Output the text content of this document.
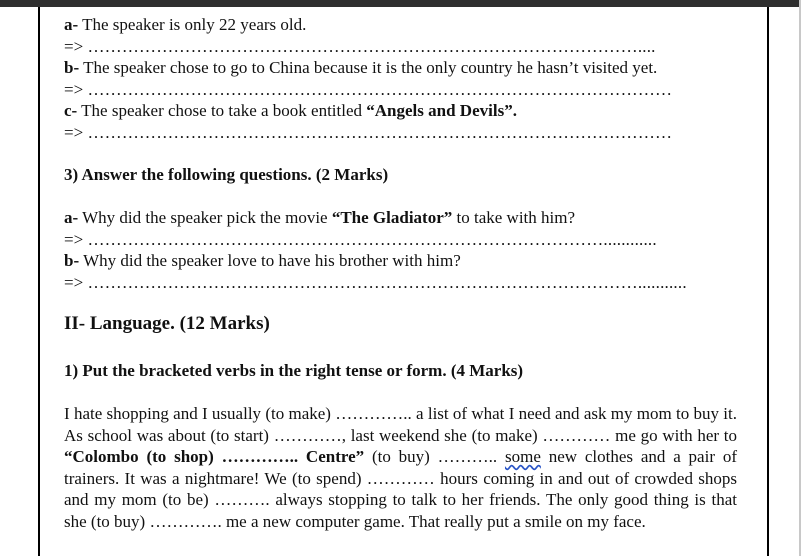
a- The speaker is only 22 years old.
=> ……………………………………………………………………………………....
b- The speaker chose to go to China because it is the only country he hasn’t visited yet.
=> …………………………………………………………………………………………
c- The speaker chose to take a book entitled “Angels and Devils”.
=> …………………………………………………………………………………………
3) Answer the following questions. (2 Marks)
a- Why did the speaker pick the movie “The Gladiator” to take with him?
=> ………………………………………………………………………………............
b- Why did the speaker love to have his brother with him?
=> ……………………………………………………………………………………...........
II- Language. (12 Marks)
1) Put the bracketed verbs in the right tense or form. (4 Marks)

I hate shopping and I usually (to make) ………….. a list of what I need and ask my mom to buy it. As school was about (to start) …………, last weekend she (to make) ………… me go with her to “Colombo (to shop) ………….. Centre” (to buy) ……….. some new clothes and a pair of trainers. It was a nightmare! We (to spend) ………… hours coming in and out of crowded shops and my mom (to be) ………. always stopping to talk to her friends. The only good thing is that she (to buy) …………. me a new computer game. That really put a smile on my face.
